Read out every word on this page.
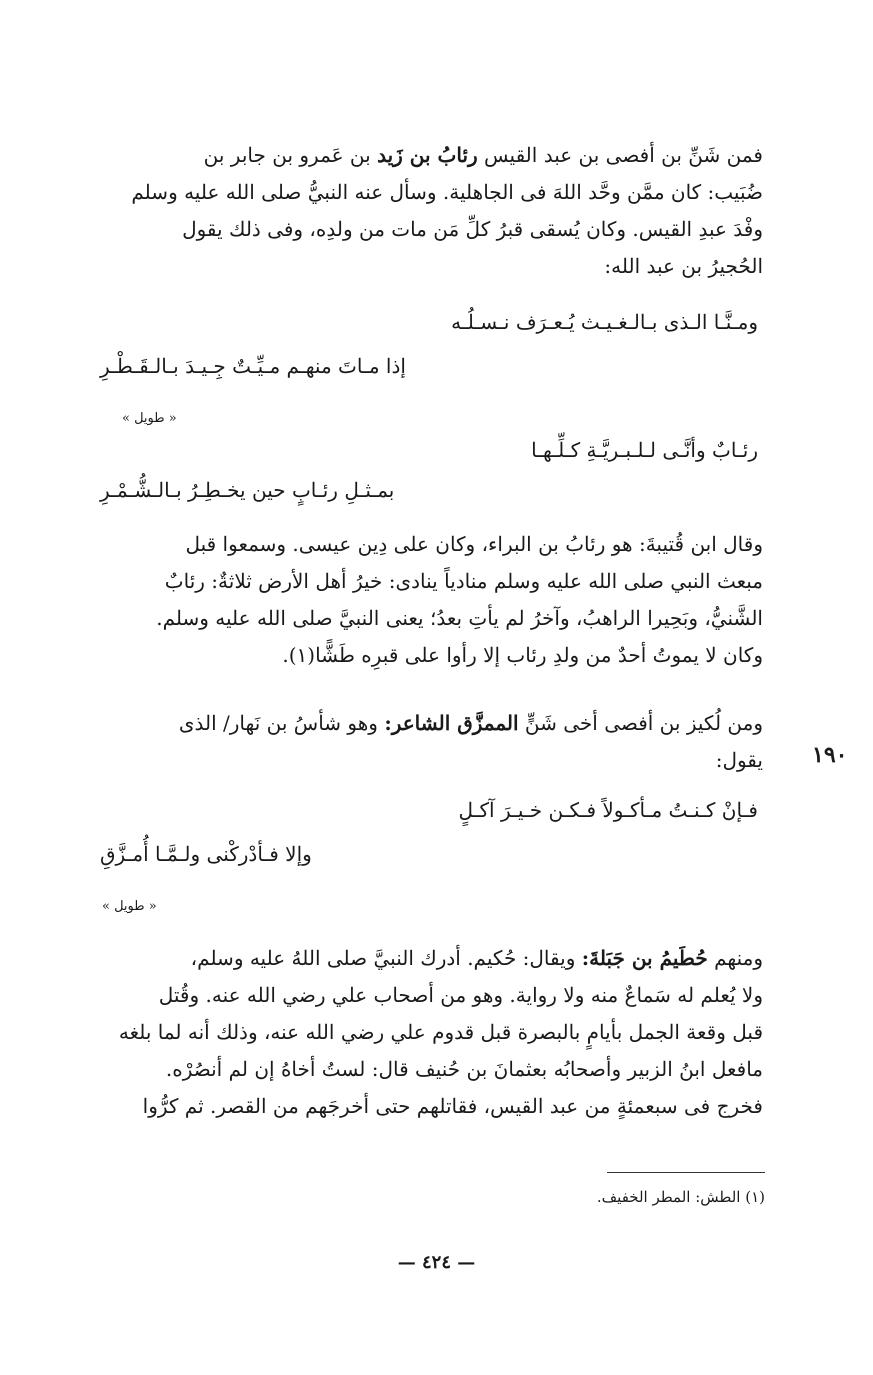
فمن شَنِّ بن أفصى بن عبد القيس رئابُ بن زَيد بن عَمرو بن جابر بن
ضُبَيب: كان ممَّن وحَّد اللهَ فى الجاهلية. وسأل عنه النبيُّ صلى الله عليه وسلم
وفْدَ عبدِ القيس. وكان يُسقى قبرُ كلِّ مَن مات من ولدِه، وفى ذلك يقول
الحُجيرُ بن عبد الله:
ومـنَّـا الـذى بـالـغـيـث يُـعـرَف نـسـلُـه
إذا مـاتَ منهـم مـيِّـتٌ جِـيـدَ بـالـقَـطْـرِ
« طويل »
رئـابٌ وأنَّـى لـلـبـريَّـةِ كـلِّـهـا
بمـثـلِ رئـابٍ حين يخـطِـرُ بـالـشُّـمْـرِ
وقال ابن قُتيبةَ: هو رئابُ بن البراء، وكان على دِين عيسى. وسمعوا قبل
مبعث النبي صلى الله عليه وسلم منادياً ينادى: خيرُ أهل الأرض ثلاثةٌ: رئابٌ
الشَّنيُّ، وبَحِيرا الراهبُ، وآخرُ لم يأتِ بعدُ؛ يعنى النبيَّ صلى الله عليه وسلم.
وكان لا يموتُ أحدٌ من ولدِ رئاب إلا رأوا على قبرِه طَشًّا(١).
ومن لُكيز بن أفصى أخى شَنٍّ الممزَّق الشاعر: وهو شأسُ بن نَهار/ الذى
يقول:
فـإنْ كـنـتُ مـأكـولاً فـكـن خـيـرَ آكـلٍ
وإلا فـأدْركْنى ولـمَّـا أُمـزَّقِ
« طويل »
ومنهم حُطَيمُ بن جَبَلةَ: ويقال: حُكيم. أدرك النبيَّ صلى اللهُ عليه وسلم،
ولا يُعلم له سَماعٌ منه ولا رواية. وهو من أصحاب علي رضي الله عنه. وقُتل
قبل وقعة الجمل بأيامٍ بالبصرة قبل قدوم علي رضي الله عنه، وذلك أنه لما بلغه
مافعل ابنُ الزبير وأصحابُه بعثمانَ بن حُنيف قال: لستُ أخاهُ إن لم أنصُرْه.
فخرج فى سبعمئةٍ من عبد القيس، فقاتلهم حتى أخرجَهم من القصر. ثم كرُّوا
١٩٠
(١) الطش: المطر الخفيف.
— ٤٢٤ —
